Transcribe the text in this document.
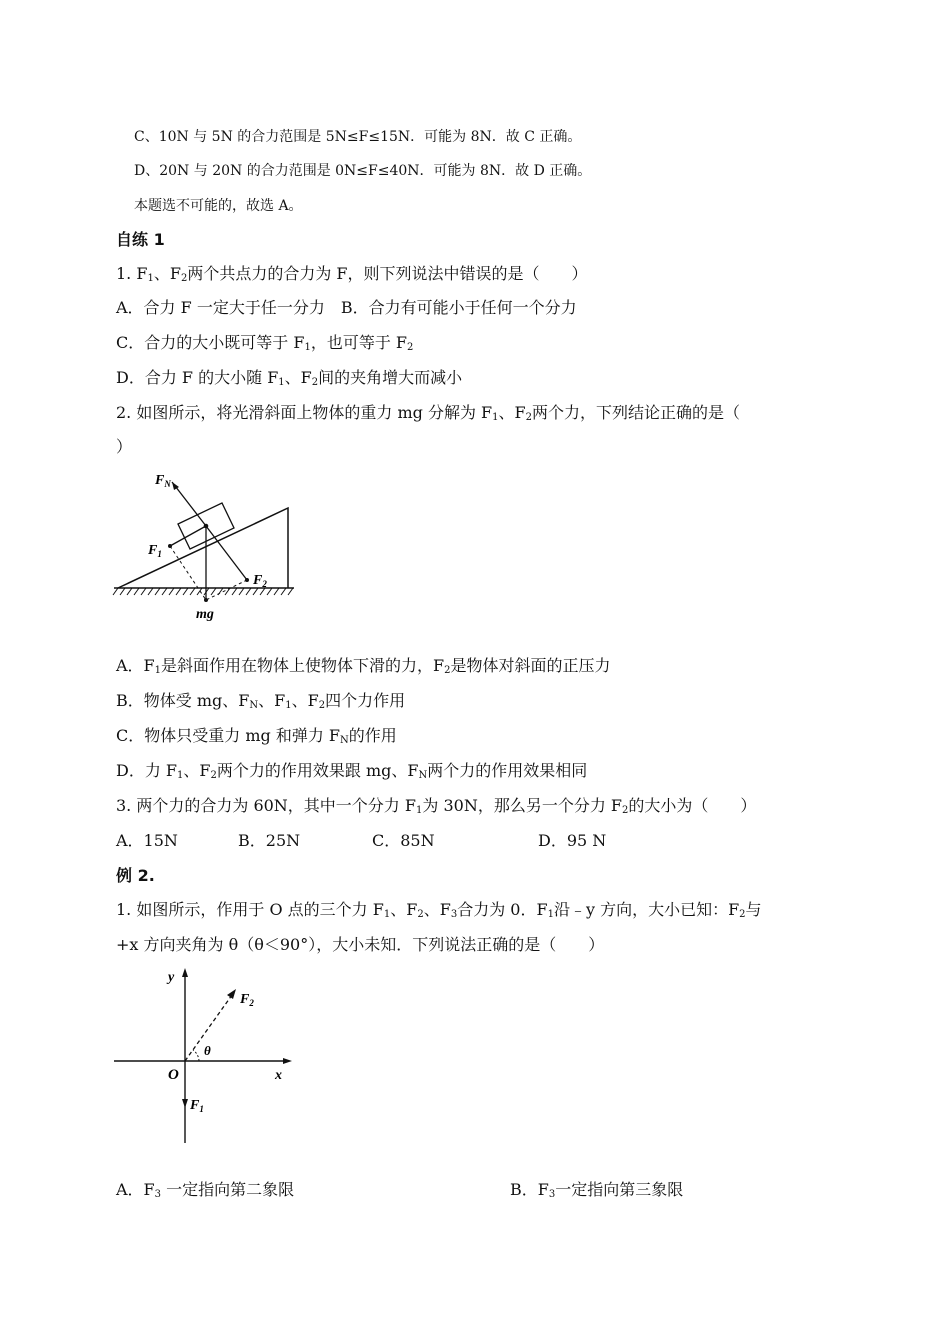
C、10N 与 5N 的合力范围是 5N≤F≤15N．可能为 8N．故 C 正确。
D、20N 与 20N 的合力范围是 0N≤F≤40N．可能为 8N．故 D 正确。
本题选不可能的，故选 A。
自练 1
1. $F_1$、$F_2$两个共点力的合力为 F，则下列说法中错误的是（　　）
A．合力 F 一定大于任一分力　B．合力有可能小于任何一个分力
C．合力的大小既可等于 $F_1$，也可等于 $F_2$
D．合力 F 的大小随 $F_1$、$F_2$间的夹角增大而减小
2. 如图所示，将光滑斜面上物体的重力 mg 分解为 $F_1$、$F_2$两个力，下列结论正确的是（
）
$F_N$
$F_1$
$F_2$
mg
A．$F_1$是斜面作用在物体上使物体下滑的力，$F_2$是物体对斜面的正压力
B．物体受 mg、$F_N$、$F_1$、$F_2$四个力作用
C．物体只受重力 mg 和弹力 $F_N$的作用
D．力 $F_1$、$F_2$两个力的作用效果跟 mg、$F_N$两个力的作用效果相同
3. 两个力的合力为 60N，其中一个分力 $F_1$为 30N，那么另一个分力 $F_2$的大小为（　　）
A．15N	B．25N	C．85N	D．95 N
例 2.
1. 如图所示，作用于 O 点的三个力 $F_1$、$F_2$、$F_3$合力为 0．$F_1$沿﹣y 方向，大小已知：$F_2$与
+x 方向夹角为 θ（θ＜90°），大小未知．下列说法正确的是（　　）
y
x
O
θ
$F_2$
$F_1$
A．$F_3$ 一定指向第二象限	B．$F_3$一定指向第三象限
